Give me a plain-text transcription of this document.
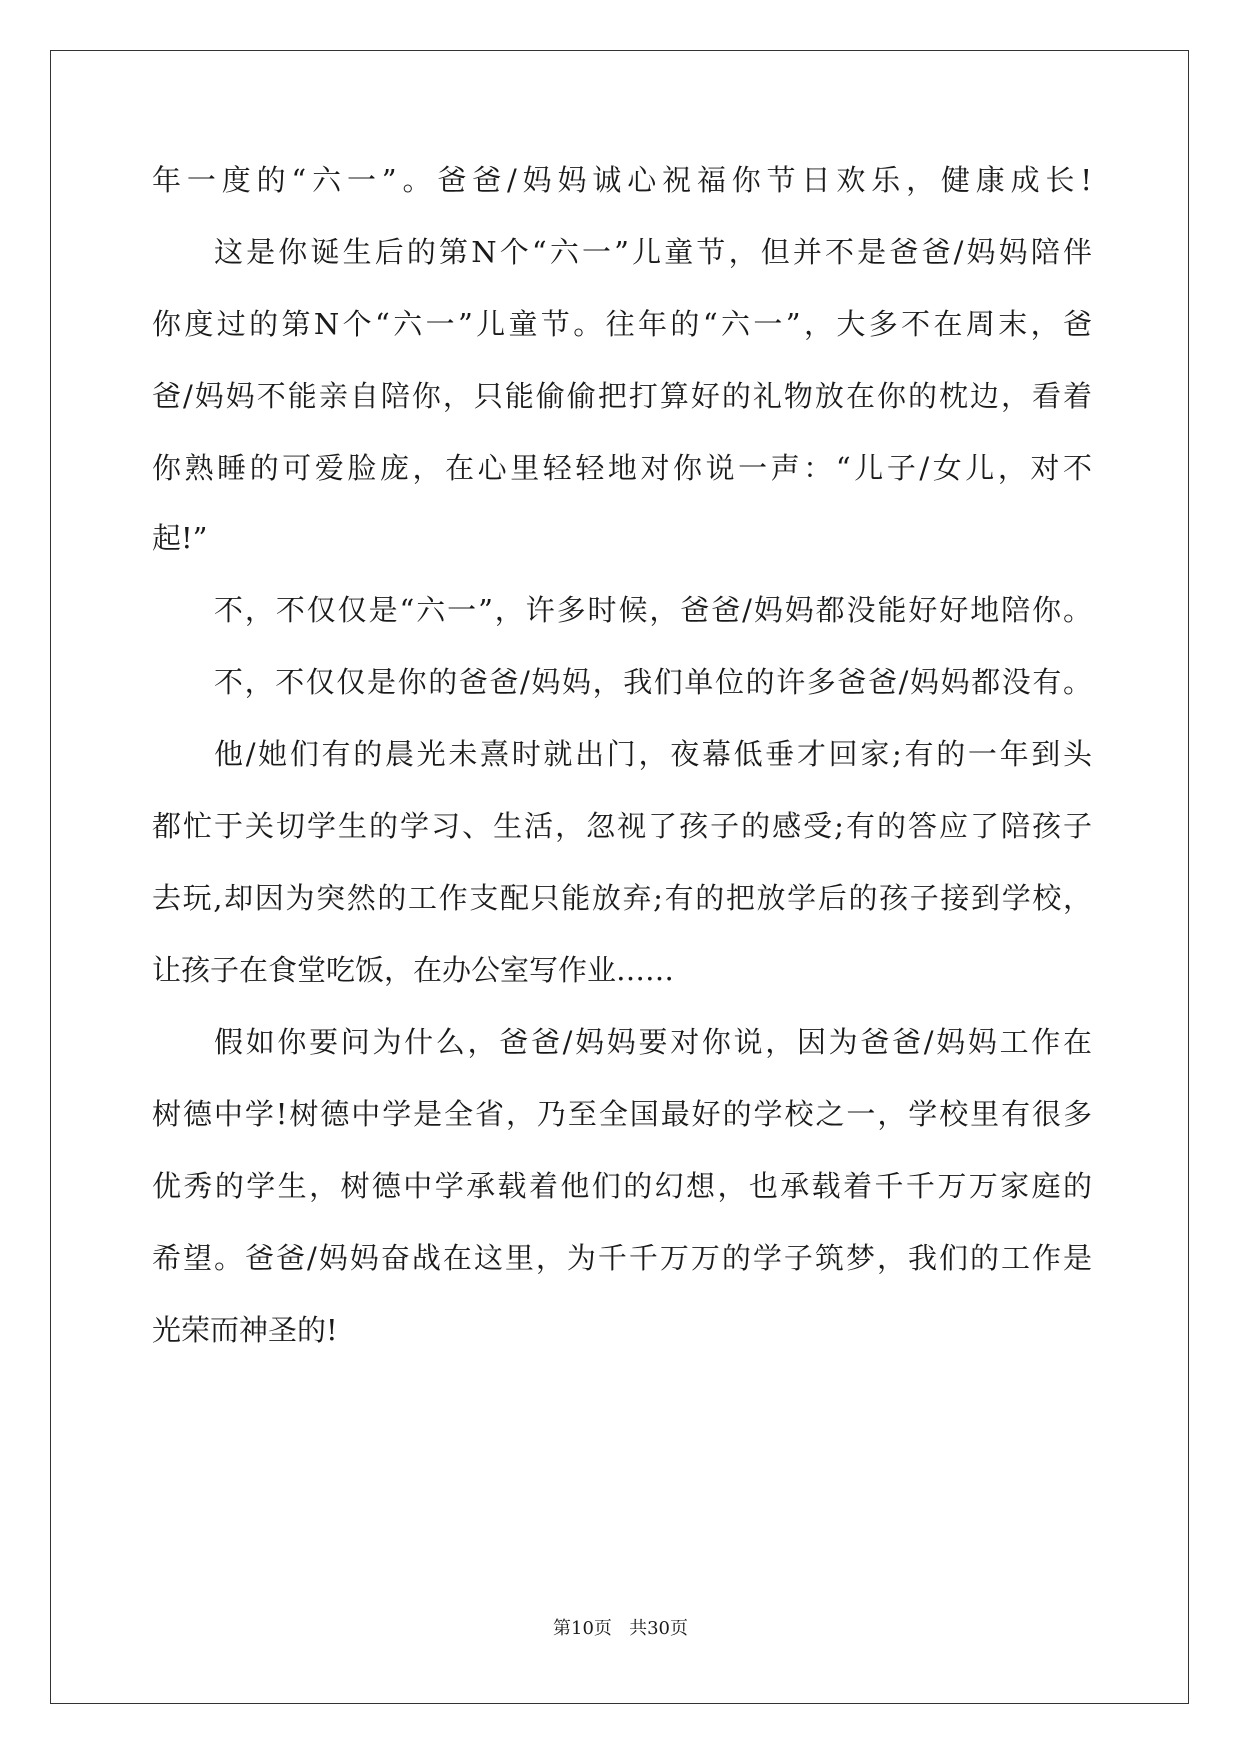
年一度的“六一”。爸爸/妈妈诚心祝福你节日欢乐，健康成长!
这是你诞生后的第N个“六一”儿童节，但并不是爸爸/妈妈陪伴
你度过的第N个“六一”儿童节。往年的“六一”，大多不在周末，爸
爸/妈妈不能亲自陪你，只能偷偷把打算好的礼物放在你的枕边，看着
你熟睡的可爱脸庞，在心里轻轻地对你说一声：“儿子/女儿，对不
起!”
不，不仅仅是“六一”，许多时候，爸爸/妈妈都没能好好地陪你。
不，不仅仅是你的爸爸/妈妈，我们单位的许多爸爸/妈妈都没有。
他/她们有的晨光未熹时就出门，夜幕低垂才回家;有的一年到头
都忙于关切学生的学习、生活，忽视了孩子的感受;有的答应了陪孩子
去玩,却因为突然的工作支配只能放弃;有的把放学后的孩子接到学校，
让孩子在食堂吃饭，在办公室写作业……
假如你要问为什么，爸爸/妈妈要对你说，因为爸爸/妈妈工作在
树德中学!树德中学是全省，乃至全国最好的学校之一，学校里有很多
优秀的学生，树德中学承载着他们的幻想，也承载着千千万万家庭的
希望。爸爸/妈妈奋战在这里，为千千万万的学子筑梦，我们的工作是
光荣而神圣的!
第10页 共30页
